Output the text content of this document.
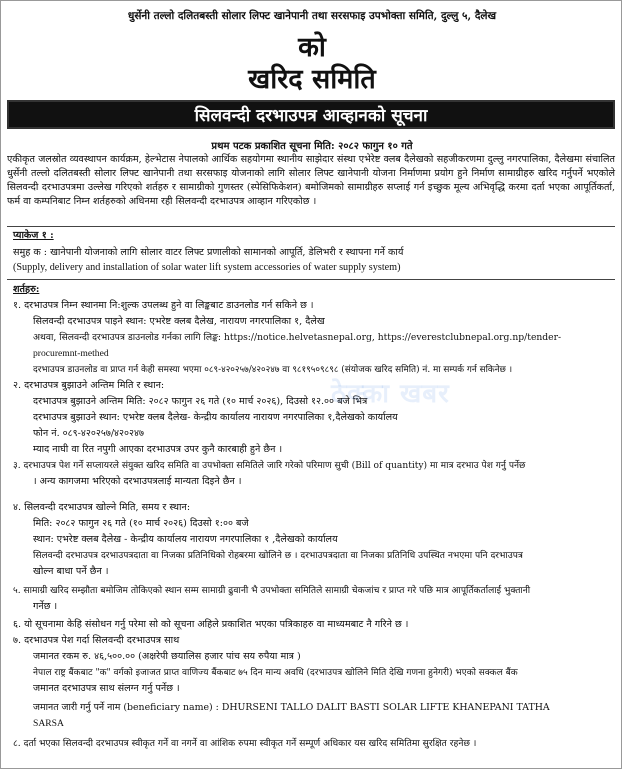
धुर्सेनी तल्लो दलितबस्ती सोलार लिफ्ट खानेपानी तथा सरसफाइ उपभोक्ता समिति, दुल्लु ५, दैलेख
को
खरिद समिति
सिलवन्दी दरभाउपत्र आव्हानको सूचना
प्रथम पटक प्रकाशित सूचना मिति: २०८२ फागुन १० गते
एकीकृत जलस्रोत व्यवस्थापन कार्यक्रम, हेल्भेटास नेपालको आर्थिक सहयोगमा स्थानीय साझेदार संस्था एभेरेष्ट क्लब दैलेखको सहजीकरणमा दुल्लु नगरपालिका, दैलेखमा संचालित धुर्सेनी तल्लो दलितबस्ती सोलार लिफ्ट खानेपानी तथा सरसफाइ योजनाको लागि सोलार लिफ्ट खानेपानी योजना निर्माणमा प्रयोग हुने निर्माण सामाग्रीहरु खरिद गर्नुपर्ने भएकोले सिलवन्दी दरभाउपत्रमा उल्लेख गरिएको शर्तहरु र सामाग्रीको गुणस्तर (स्पेसिफिकेशन) बमोजिमको सामाग्रीहरु सप्लाई गर्न इच्छुक मूल्य अभिवृद्धि करमा दर्ता भएका आपूर्तिकर्ता, फर्म वा कम्पनिबाट निम्न शर्तहरुको अधिनमा रही सिलवन्दी दरभाउपत्र आव्हान गरिएकोछ ।
प्याकेज १ :
समुह क : खानेपानी योजनाको लागि सोलार वाटर लिफ्ट प्रणालीको सामानको आपूर्ति, डेलिभरी र स्थापना गर्ने कार्य
(Supply, delivery and installation of solar water lift system accessories of water supply system)
शर्तहरु:
१. दरभाउपत्र निम्न स्थानमा नि:शुल्क उपलब्ध हुने वा लिङ्कबाट डाउनलोड गर्न सकिने छ ।
सिलवन्दी दरभाउपत्र पाइने स्थान: एभरेष्ट क्लब दैलेख, नारायण नगरपालिका १, दैलेख
अथवा, सिलवन्दी दरभाउपत्र डाउनलोड गर्नका लागि लिङ्क: https://notice.helvetasnepal.org, https://everestclubnepal.org.np/tender-
procuremnt-methed
दरभाउपत्र डाउनलोड वा प्राप्त गर्न केही समस्या भएमा ०८९-४२०२५७/४२०२४७ वा ९८१९५०९८९८ (संयोजक खरिद समिति) नं. मा सम्पर्क गर्न सकिनेछ ।
२. दरभाउपत्र बुझाउने अन्तिम मिति र स्थान:
दरभाउपत्र बुझाउने अन्तिम मिति: २०८२ फागुन २६ गते (१० मार्च २०२६), दिउसो १२.०० बजे भित्र
दरभाउपत्र बुझाउने स्थान: एभरेष्ट क्लब दैलेख- केन्द्रीय कार्यालय नारायण नगरपालिका १,दैलेखको कार्यालय
फोन नं. ०८९-४२०२५७/४२०२४७
म्याद नाघी वा रित नपुगी आएका दरभाउपत्र उपर कुनै कारबाही हुने छैन ।
३. दरभाउपत्र पेश गर्ने सप्लायरले संयुक्त खरिद समिति वा उपभोक्ता समितिले जारि गरेको परिमाण सुची (Bill of quantity) मा मात्र दरभाउ पेश गर्नु पर्नेछ
। अन्य कागजमा भरिएको दरभाउपत्रलाई मान्यता दिइने छैन ।
४. सिलवन्दी दरभाउपत्र खोल्ने मिति, समय र स्थान:
मिति: २०८२ फागुन २६ गते (१० मार्च २०२६) दिउसो १:०० बजे
स्थान: एभरेष्ट क्लब दैलेख - केन्द्रीय कार्यालय नारायण नगरपालिका १ ,दैलेखको कार्यालय
सिलवन्दी दरभाउपत्र दरभाउपत्रदाता वा निजका प्रतिनिधिको रोहबरमा खोलिने छ । दरभाउपत्रदाता वा निजका प्रतिनिधि उपस्थित नभएमा पनि दरभाउपत्र
खोल्न बाधा पर्ने छैन ।
५. सामाग्री खरिद सम्झौता बमोजिम तोकिएको स्थान सम्म सामाग्री ढुवानी भै उपभोक्ता समितिले सामाग्री चेकजांच र प्राप्त गरे पछि मात्र आपूर्तिकर्तालाई भुक्तानी
गर्नेछ ।
६. यो सूचनामा केहि संसोधन गर्नु परेमा सो को सूचना अहिले प्रकाशित भएका पत्रिकाहरु वा माध्यमबाट नै गरिने छ ।
७. दरभाउपत्र पेश गर्दा सिलवन्दी दरभाउपत्र साथ
जमानत रकम रु. ४६,५००.०० (अक्षरेपी छयालिस हजार पांच सय रुपैया मात्र )
नेपाल राष्ट्र बैंकबाट "क" वर्गको इजाजत प्राप्त वाणिज्य बैंकबाट ७५ दिन मान्य अवधि (दरभाउपत्र खोलिने मिति देखि गणना हुनेगरी) भएको सक्कल बैंक
जमानत दरभाउपत्र साथ संलग्न गर्नु पर्नेछ ।
जमानत जारी गर्नु पर्ने नाम (beneficiary name) : DHURSENI TALLO DALIT BASTI SOLAR LIFTE KHANEPANI TATHA
SARSA
८. दर्ता भएका सिलवन्दी दरभाउपत्र स्वीकृत गर्ने वा नगर्ने वा आंशिक रुपमा स्वीकृत गर्ने सम्पूर्ण अधिकार यस खरिद समितिमा सुरक्षित रहनेछ ।
ठेक्का खबर
